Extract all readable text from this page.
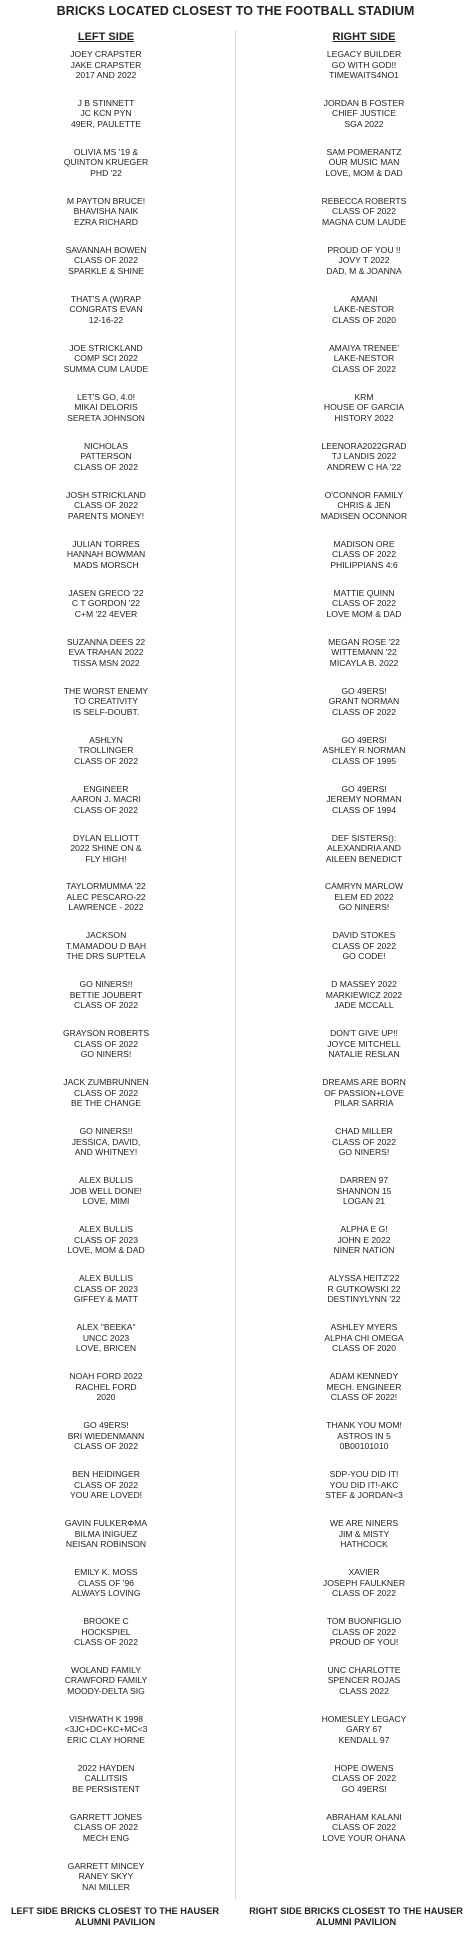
BRICKS LOCATED CLOSEST TO THE FOOTBALL STADIUM
LEFT SIDE
JOEY CRAPSTER
JAKE CRAPSTER
2017 AND 2022
J B STINNETT
JC KCN PYN
49ER, PAULETTE
OLIVIA MS '19 &
QUINTON KRUEGER
PHD '22
M PAYTON BRUCE!
BHAVISHA NAIK
EZRA RICHARD
SAVANNAH BOWEN
CLASS OF 2022
SPARKLE & SHINE
THAT'S A (W)RAP
CONGRATS EVAN
12-16-22
JOE STRICKLAND
COMP SCI 2022
SUMMA CUM LAUDE
LET'S GO, 4.0!
MIKAI DELORIS
SERETA JOHNSON
NICHOLAS
PATTERSON
CLASS OF 2022
JOSH STRICKLAND
CLASS OF 2022
PARENTS MONEY!
JULIAN TORRES
HANNAH BOWMAN
MADS MORSCH
JASEN GRECO '22
C T GORDON '22
C+M '22 4EVER
SUZANNA DEES 22
EVA TRAHAN 2022
TISSA MSN 2022
THE WORST ENEMY
TO CREATIVITY
IS SELF-DOUBT.
ASHLYN
TROLLINGER
CLASS OF 2022
ENGINEER
AARON J. MACRI
CLASS OF 2022
DYLAN ELLIOTT
2022 SHINE ON &
FLY HIGH!
TAYLORMUMMA '22
ALEC PESCARO-22
LAWRENCE - 2022
JACKSON
T.MAMADOU D BAH
THE DRS SUPTELA
GO NINERS!!
BETTIE JOUBERT
CLASS OF 2022
GRAYSON ROBERTS
CLASS OF 2022
GO NINERS!
JACK ZUMBRUNNEN
CLASS OF 2022
BE THE CHANGE
GO NINERS!!
JESSICA, DAVID,
AND WHITNEY!
ALEX BULLIS
JOB WELL DONE!
LOVE, MIMI
ALEX BULLIS
CLASS OF 2023
LOVE, MOM & DAD
ALEX BULLIS
CLASS OF 2023
GIFFEY & MATT
ALEX "BEEKA"
UNCC 2023
LOVE, BRICEN
NOAH FORD 2022
RACHEL FORD
2020
GO 49ERS!
BRI WIEDENMANN
CLASS OF 2022
BEN HEIDINGER
CLASS OF 2022
YOU ARE LOVED!
GAVIN FULKERΦMA
BILMA INIGUEZ
NEISAN ROBINSON
EMILY K. MOSS
CLASS OF '96
ALWAYS LOVING
BROOKE C
HOCKSPIEL
CLASS OF 2022
WOLAND FAMILY
CRAWFORD FAMILY
MOODY-DELTA SIG
VISHWATH K 1998
<3JC+DC+KC+MC<3
ERIC CLAY HORNE
2022 HAYDEN
CALLITSIS
BE PERSISTENT
GARRETT JONES
CLASS OF 2022
MECH ENG
GARRETT MINCEY
RANEY SKYY
NAI MILLER
RIGHT SIDE
LEGACY BUILDER
GO WITH GOD!!
TIMEWAITS4NO1
JORDAN B FOSTER
CHIEF JUSTICE
SGA 2022
SAM POMERANTZ
OUR MUSIC MAN
LOVE, MOM & DAD
REBECCA ROBERTS
CLASS OF 2022
MAGNA CUM LAUDE
PROUD OF YOU !!
JOVY T 2022
DAD, M & JOANNA
AMANI
LAKE-NESTOR
CLASS OF 2020
AMAIYA TRENEE'
LAKE-NESTOR
CLASS OF 2022
KRM
HOUSE OF GARCIA
HISTORY 2022
LEENORA2022GRAD
TJ LANDIS 2022
ANDREW C HA '22
O'CONNOR FAMILY
CHRIS & JEN
MADISEN OCONNOR
MADISON ORE
CLASS OF 2022
PHILIPPIANS 4:6
MATTIE QUINN
CLASS OF 2022
LOVE MOM & DAD
MEGAN ROSE '22
WITTEMANN '22
MICAYLA B. 2022
GO 49ERS!
GRANT NORMAN
CLASS OF 2022
GO 49ERS!
ASHLEY R NORMAN
CLASS OF 1995
GO 49ERS!
JEREMY NORMAN
CLASS OF 1994
DEF SISTERS():
ALEXANDRIA AND
AILEEN BENEDICT
CAMRYN MARLOW
ELEM ED 2022
GO NINERS!
DAVID STOKES
CLASS OF 2022
GO CODE!
D MASSEY 2022
MARKIEWICZ 2022
JADE MCCALL
DON'T GIVE UP!!
JOYCE MITCHELL
NATALIE RESLAN
DREAMS ARE BORN
OF PASSION+LOVE
PILAR SARRIA
CHAD MILLER
CLASS OF 2022
GO NINERS!
DARREN 97
SHANNON 15
LOGAN 21
ALPHA E G!
JOHN E 2022
NINER NATION
ALYSSA HEITZ'22
R GUTKOWSKI 22
DESTINYLYNN '22
ASHLEY MYERS
ALPHA CHI OMEGA
CLASS OF 2020
ADAM KENNEDY
MECH. ENGINEER
CLASS OF 2022!
THANK YOU MOM!
ASTROS IN 5
0B00101010
SDP-YOU DID IT!
YOU DID IT!-AKC
STEF & JORDAN<3
WE ARE NINERS
JIM & MISTY
HATHCOCK
XAVIER
JOSEPH FAULKNER
CLASS OF 2022
TOM BUONFIGLIO
CLASS OF 2022
PROUD OF YOU!
UNC CHARLOTTE
SPENCER ROJAS
CLASS 2022
HOMESLEY LEGACY
GARY 67
KENDALL 97
HOPE OWENS
CLASS OF 2022
GO 49ERS!
ABRAHAM KALANI
CLASS OF 2022
LOVE YOUR OHANA
LEFT SIDE BRICKS CLOSEST TO THE HAUSER ALUMNI PAVILION
RIGHT SIDE BRICKS CLOSEST TO THE HAUSER ALUMNI PAVILION
